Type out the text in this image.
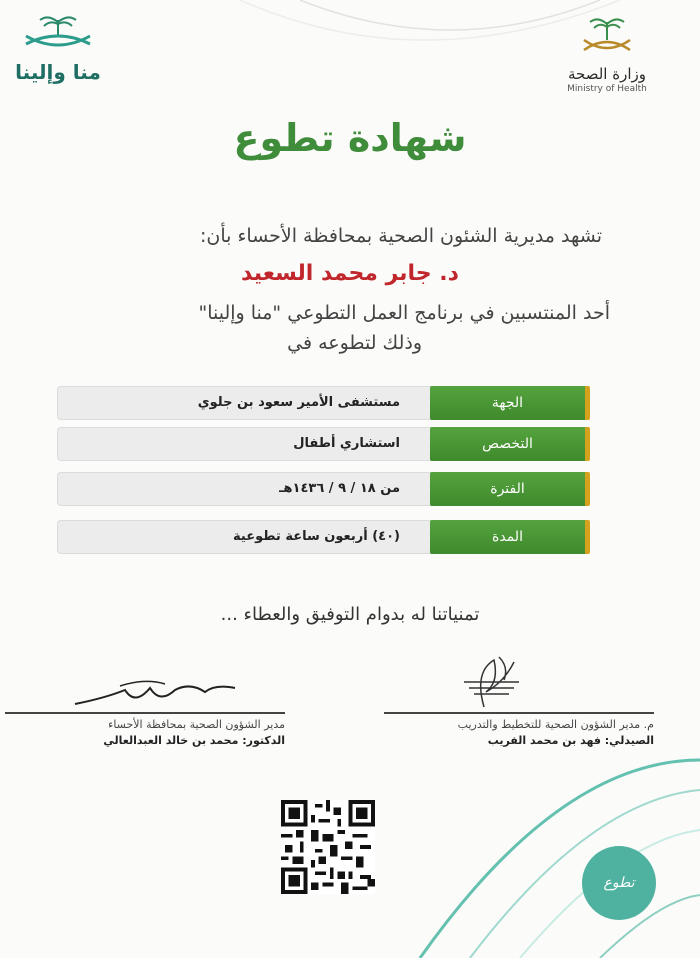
منا وإلينا	وزارة الصحة
Ministry of Health
شهادة تطوع
تشهد مديرية الشئون الصحية بمحافظة الأحساء بأن:
د. جابر محمد السعيد
أحد المنتسبين في برنامج العمل التطوعي "منا وإلينا"
وذلك لتطوعه في
مستشفى الأمير سعود بن جلوي	الجهة
استشاري أطفال	التخصص
من ١٨ / ٩ / ١٤٣٦هـ	الفترة
(٤٠) أربعون ساعة تطوعية	المدة
تمنياتنا له بدوام التوفيق والعطاء ...
م. مدير الشؤون الصحية للتخطيط والتدريب
الصيدلي: فهد بن محمد الفريب
مدير الشؤون الصحية بمحافظة الأحساء
الدكتور: محمد بن خالد العبدالعالي
تطوع
